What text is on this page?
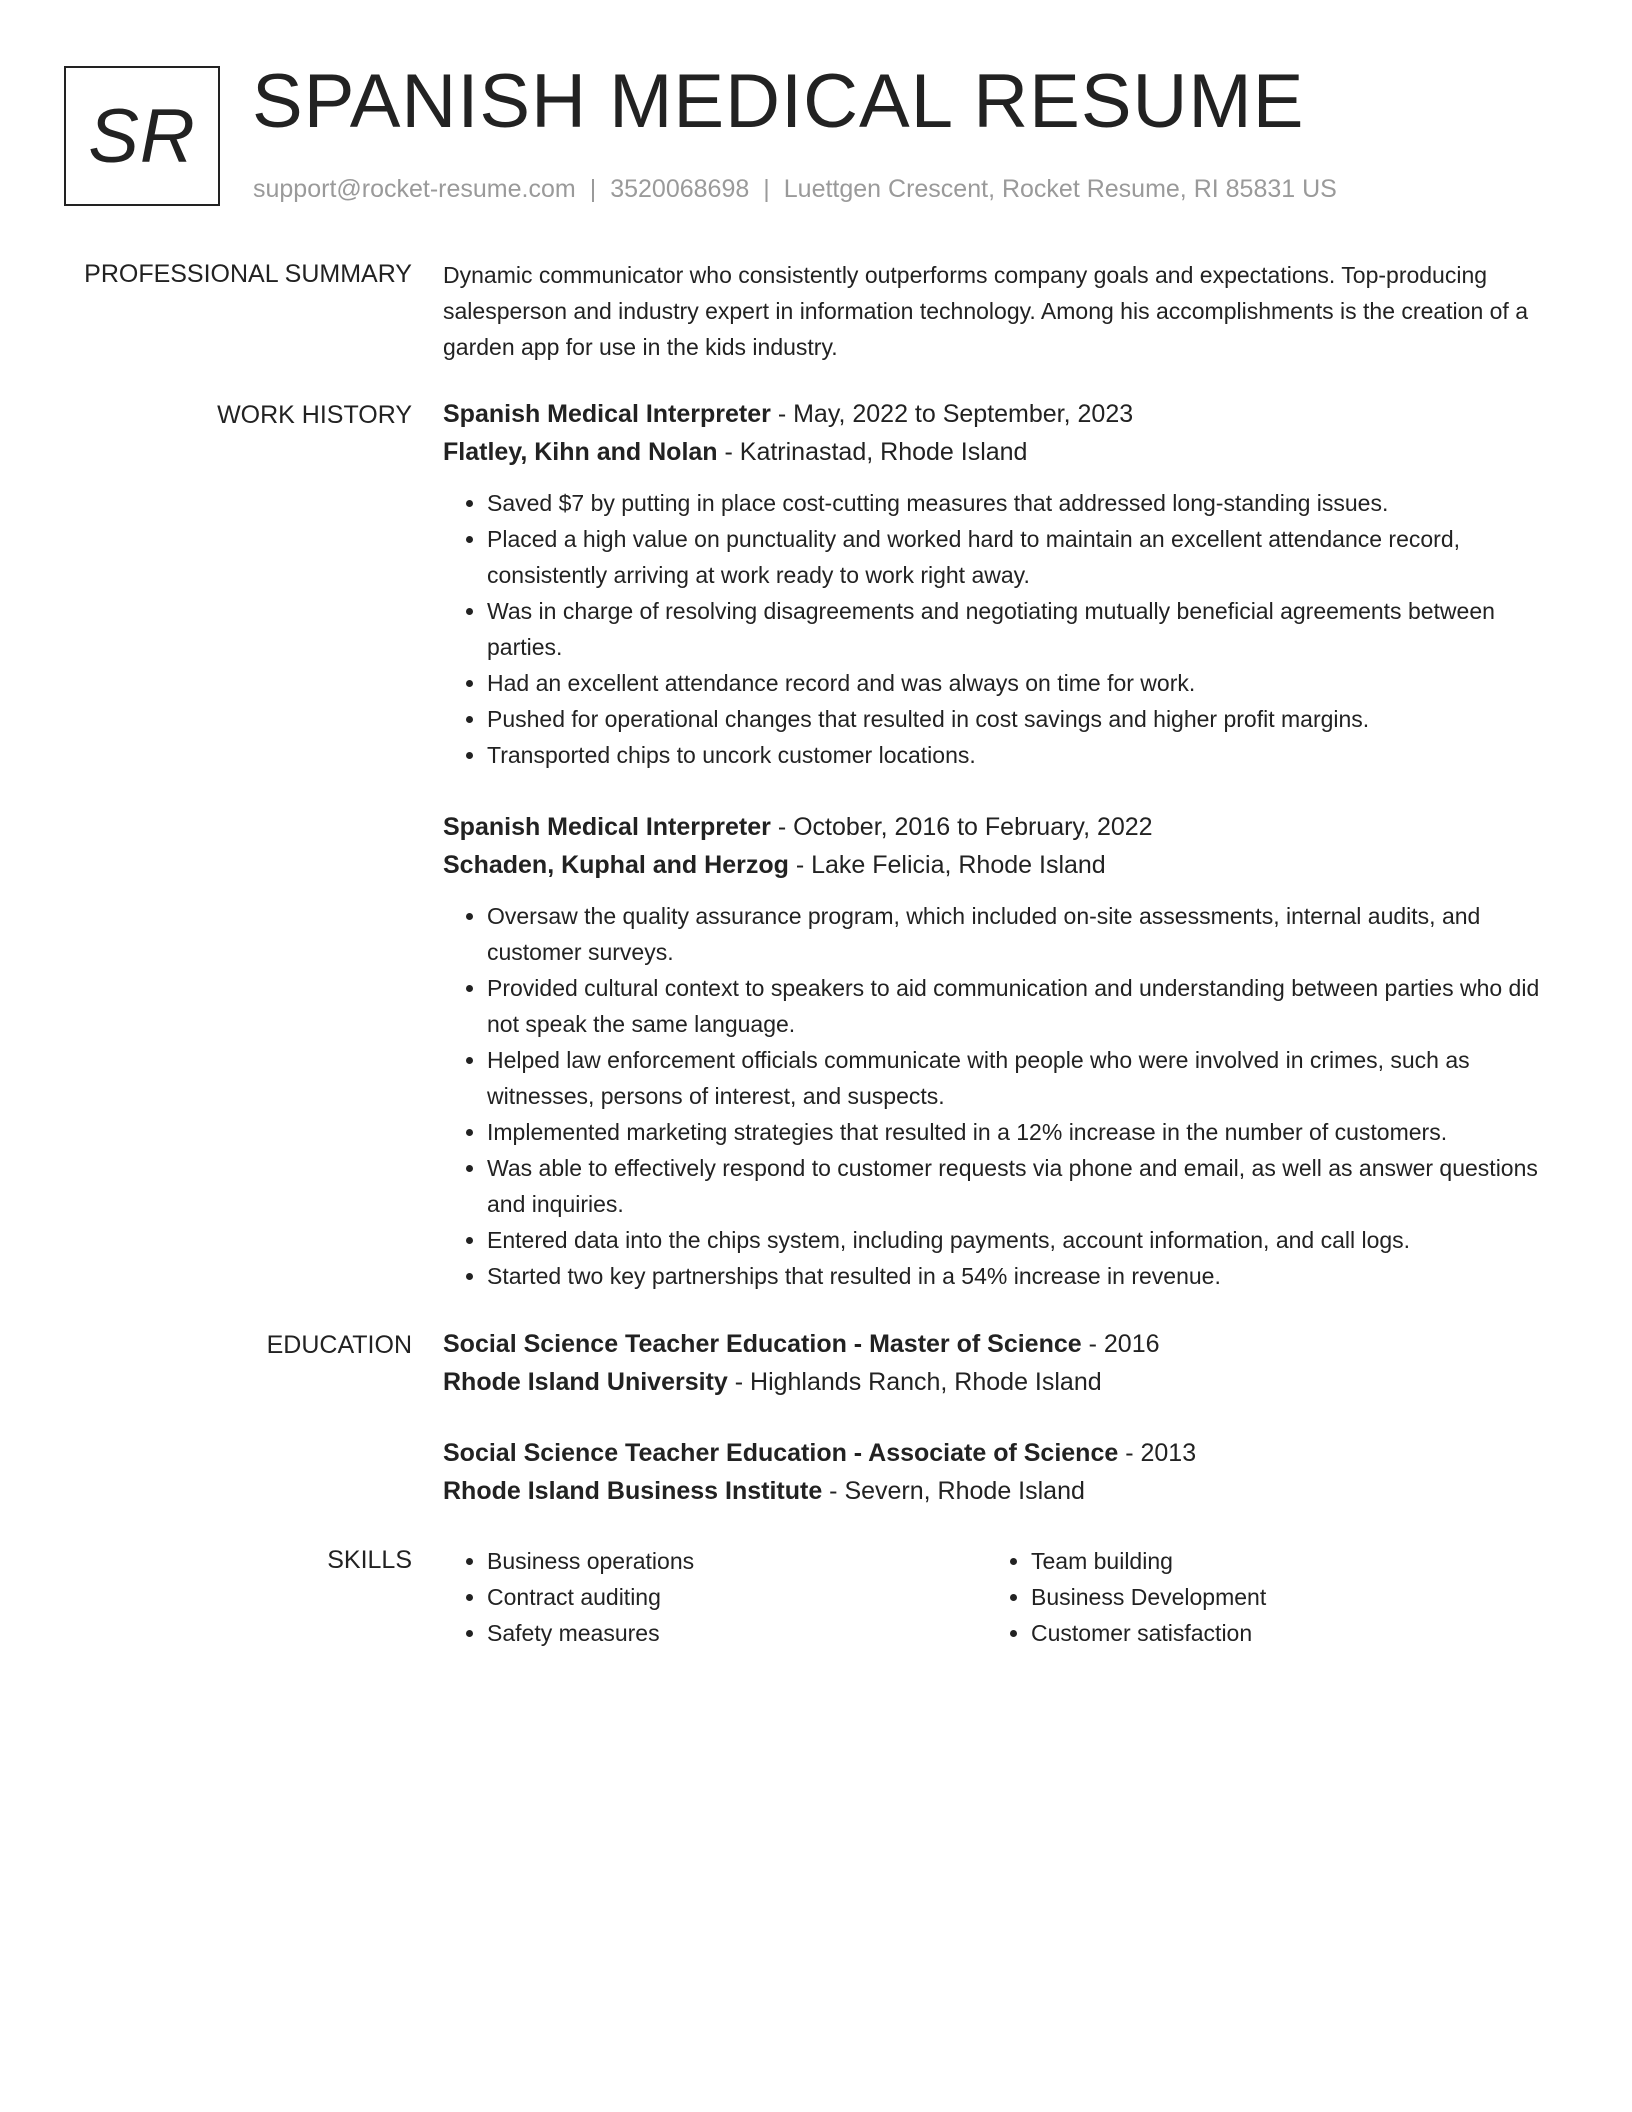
SR SPANISH MEDICAL RESUME
support@rocket-resume.com | 3520068698 | Luettgen Crescent, Rocket Resume, RI 85831 US
PROFESSIONAL SUMMARY Dynamic communicator who consistently outperforms company goals and expectations. Top-producing salesperson and industry expert in information technology. Among his accomplishments is the creation of a garden app for use in the kids industry.
WORK HISTORY Spanish Medical Interpreter - May, 2022 to September, 2023
Flatley, Kihn and Nolan - Katrinastad, Rhode Island
• Saved $7 by putting in place cost-cutting measures that addressed long-standing issues.
• Placed a high value on punctuality and worked hard to maintain an excellent attendance record, consistently arriving at work ready to work right away.
• Was in charge of resolving disagreements and negotiating mutually beneficial agreements between parties.
• Had an excellent attendance record and was always on time for work.
• Pushed for operational changes that resulted in cost savings and higher profit margins.
• Transported chips to uncork customer locations.
Spanish Medical Interpreter - October, 2016 to February, 2022
Schaden, Kuphal and Herzog - Lake Felicia, Rhode Island
• Oversaw the quality assurance program, which included on-site assessments, internal audits, and customer surveys.
• Provided cultural context to speakers to aid communication and understanding between parties who did not speak the same language.
• Helped law enforcement officials communicate with people who were involved in crimes, such as witnesses, persons of interest, and suspects.
• Implemented marketing strategies that resulted in a 12% increase in the number of customers.
• Was able to effectively respond to customer requests via phone and email, as well as answer questions and inquiries.
• Entered data into the chips system, including payments, account information, and call logs.
• Started two key partnerships that resulted in a 54% increase in revenue.
EDUCATION Social Science Teacher Education - Master of Science - 2016
Rhode Island University - Highlands Ranch, Rhode Island
Social Science Teacher Education - Associate of Science - 2013
Rhode Island Business Institute - Severn, Rhode Island
SKILLS
•	Business operations
• Contract auditing
• Safety measures
• Team building
• Business Development
• Customer satisfaction
